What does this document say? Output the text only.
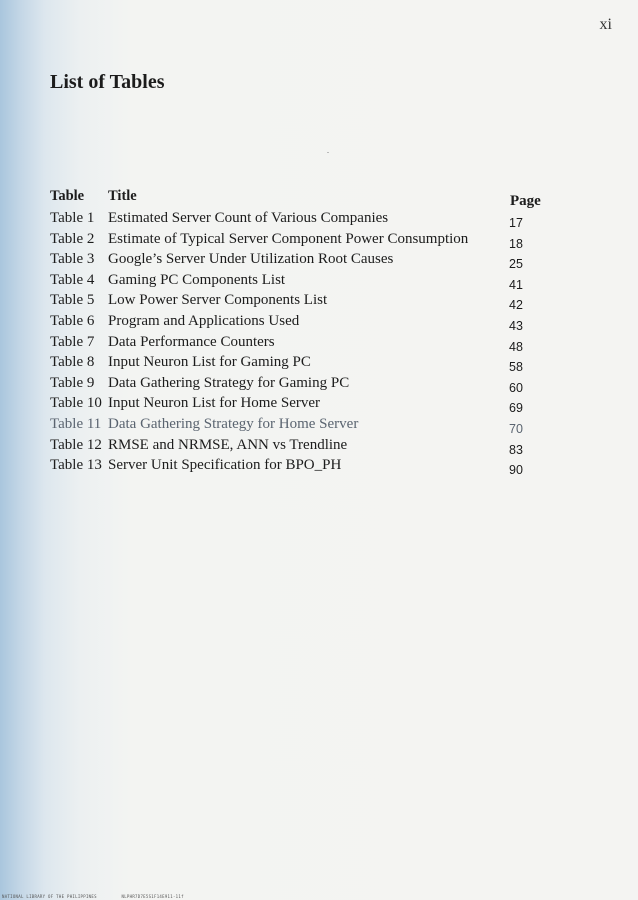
xi
List of Tables
Table Title	Page
Table 1 Estimated Server Count of Various Companies	17
Table 2 Estimate of Typical Server Component Power Consumption	18
Table 3 Google’s Server Under Utilization Root Causes	25
Table 4 Gaming PC Components List	41
Table 5 Low Power Server Components List	42
Table 6 Program and Applications Used	43
Table 7 Data Performance Counters	48
Table 8 Input Neuron List for Gaming PC	58
Table 9 Data Gathering Strategy for Gaming PC	60
Table 10 Input Neuron List for Home Server	69
Table 11 Data Gathering Strategy for Home Server	70
Table 12 RMSE and NRMSE, ANN vs Trendline	83
Table 13 Server Unit Specification for BPO_PH	90
NATIONAL LIBRARY OF THE PHILIPPINES	NLPHR7D7E5S1F14E911-11f
